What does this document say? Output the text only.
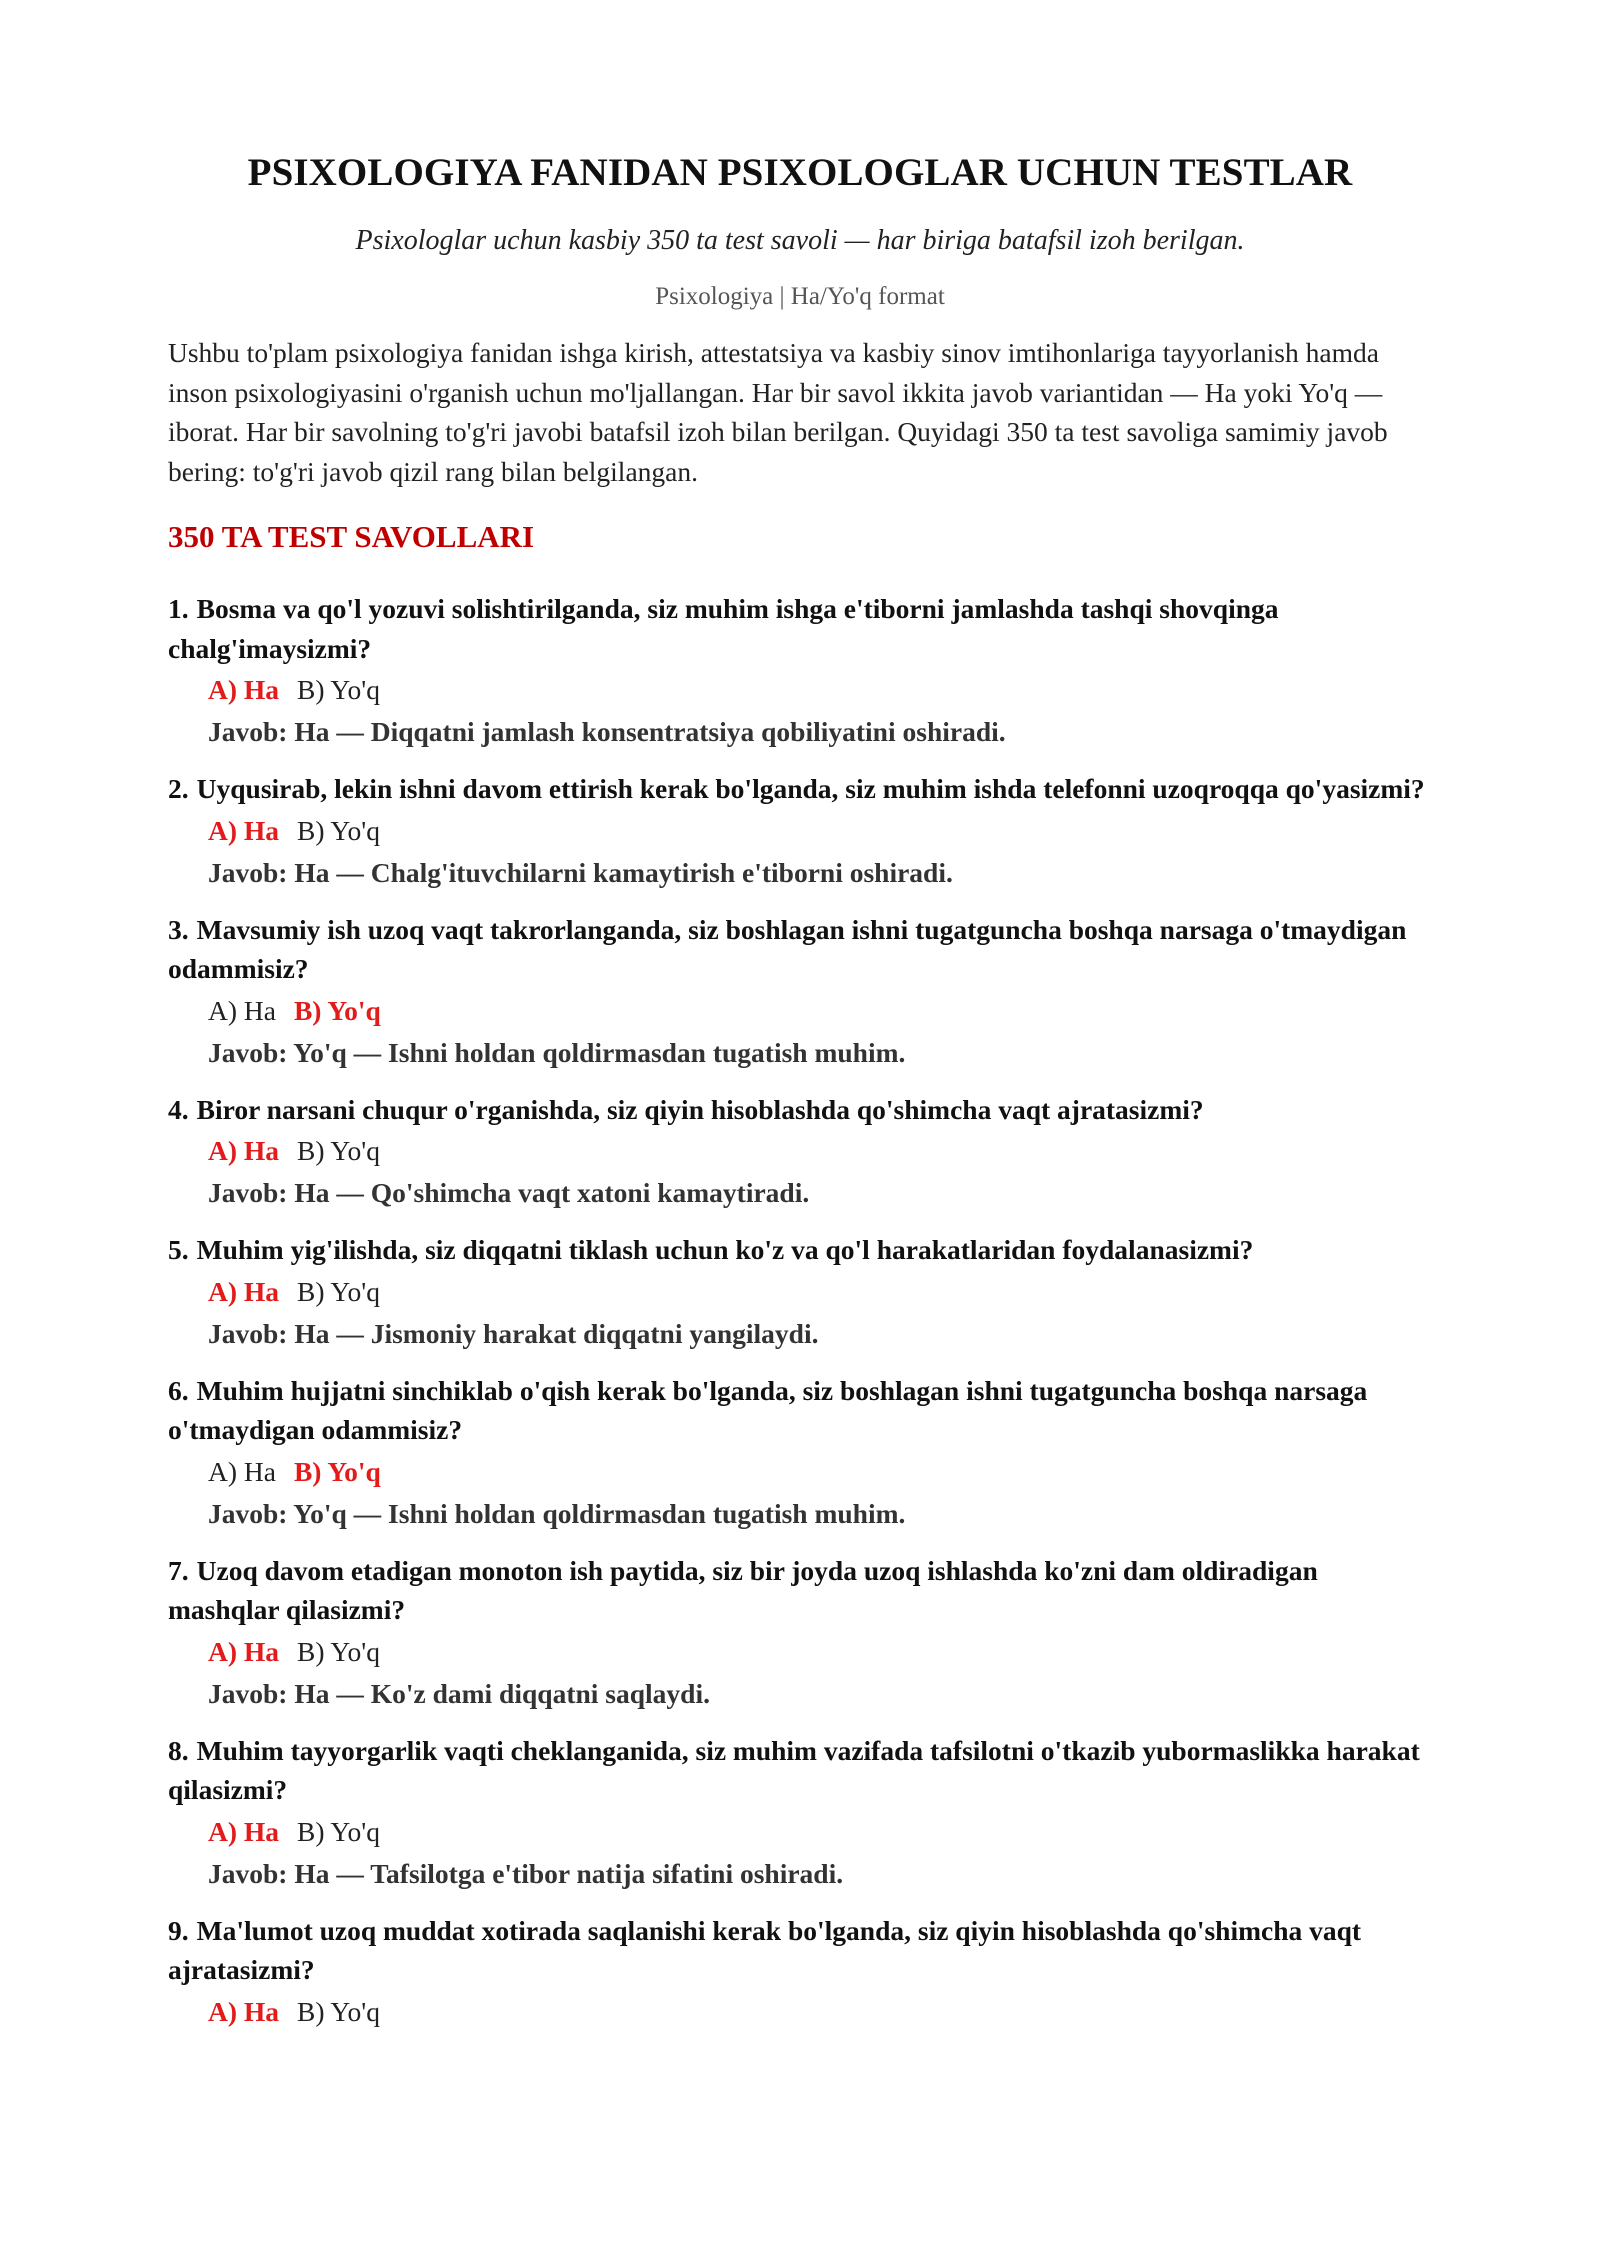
PSIXOLOGIYA FANIDAN PSIXOLOGLAR UCHUN TESTLAR

Psixologlar uchun kasbiy 350 ta test savoli — har biriga batafsil izoh berilgan.

Psixologiya | Ha/Yo'q format

Ushbu to'plam psixologiya fanidan ishga kirish, attestatsiya va kasbiy sinov imtihonlariga tayyorlanish hamda inson psixologiyasini o'rganish uchun mo'ljallangan. Har bir savol ikkita javob variantidan — Ha yoki Yo'q — iborat. Har bir savolning to'g'ri javobi batafsil izoh bilan berilgan. Quyidagi 350 ta test savoliga samimiy javob bering: to'g'ri javob qizil rang bilan belgilangan.

350 TA TEST SAVOLLARI
1. Bosma va qo'l yozuvi solishtirilganda, siz muhim ishga e'tiborni jamlashda tashqi shovqinga chalg'imaysizmi?
A) Ha B) Yo'q
Javob: Ha — Diqqatni jamlash konsentratsiya qobiliyatini oshiradi.
2. Uyqusirab, lekin ishni davom ettirish kerak bo'lganda, siz muhim ishda telefonni uzoqroqqa qo'yasizmi?
A) Ha B) Yo'q
Javob: Ha — Chalg'ituvchilarni kamaytirish e'tiborni oshiradi.
3. Mavsumiy ish uzoq vaqt takrorlanganda, siz boshlagan ishni tugatguncha boshqa narsaga o'tmaydigan odammisiz?
A) Ha B) Yo'q
Javob: Yo'q — Ishni holdan qoldirmasdan tugatish muhim.
4. Biror narsani chuqur o'rganishda, siz qiyin hisoblashda qo'shimcha vaqt ajratasizmi?
A) Ha B) Yo'q
Javob: Ha — Qo'shimcha vaqt xatoni kamaytiradi.
5. Muhim yig'ilishda, siz diqqatni tiklash uchun ko'z va qo'l harakatlaridan foydalanasizmi?
A) Ha B) Yo'q
Javob: Ha — Jismoniy harakat diqqatni yangilaydi.
6. Muhim hujjatni sinchiklab o'qish kerak bo'lganda, siz boshlagan ishni tugatguncha boshqa narsaga o'tmaydigan odammisiz?
A) Ha B) Yo'q
Javob: Yo'q — Ishni holdan qoldirmasdan tugatish muhim.
7. Uzoq davom etadigan monoton ish paytida, siz bir joyda uzoq ishlashda ko'zni dam oldiradigan mashqlar qilasizmi?
A) Ha B) Yo'q
Javob: Ha — Ko'z dami diqqatni saqlaydi.
8. Muhim tayyorgarlik vaqti cheklanganida, siz muhim vazifada tafsilotni o'tkazib yubormaslikka harakat qilasizmi?
A) Ha B) Yo'q
Javob: Ha — Tafsilotga e'tibor natija sifatini oshiradi.
9. Ma'lumot uzoq muddat xotirada saqlanishi kerak bo'lganda, siz qiyin hisoblashda qo'shimcha vaqt ajratasizmi?
A) Ha B) Yo'q
